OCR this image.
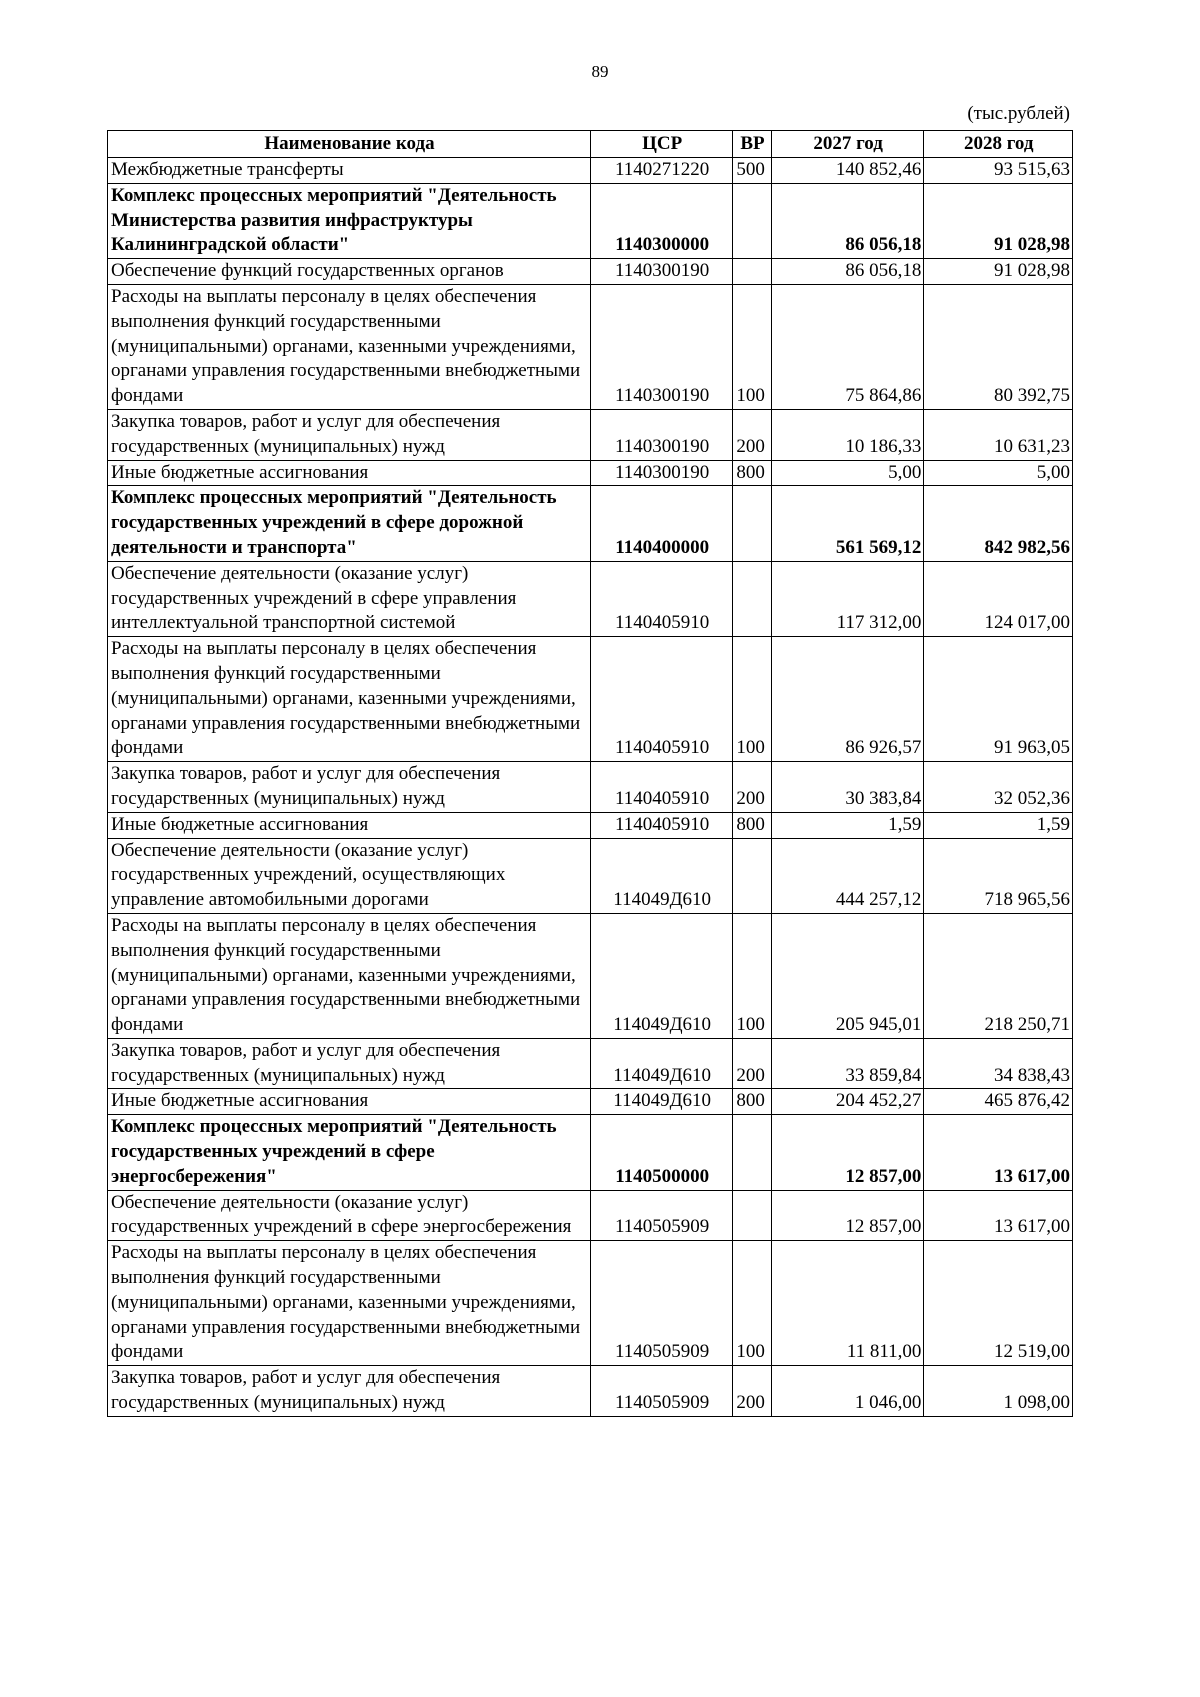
89
(тыс.рублей)
Наименование кода	ЦСР	ВР	2027 год	2028 год
Межбюджетные трансферты	1140271220	500	140 852,46	93 515,63
Комплекс процессных мероприятий "Деятельность Министерства развития инфраструктуры Калининградской области"	1140300000		86 056,18	91 028,98
Обеспечение функций государственных органов	1140300190		86 056,18	91 028,98
Расходы на выплаты персоналу в целях обеспечения выполнения функций государственными (муниципальными) органами, казенными учреждениями, органами управления государственными внебюджетными фондами	1140300190	100	75 864,86	80 392,75
Закупка товаров, работ и услуг для обеспечения государственных (муниципальных) нужд	1140300190	200	10 186,33	10 631,23
Иные бюджетные ассигнования	1140300190	800	5,00	5,00
Комплекс процессных мероприятий "Деятельность государственных учреждений в сфере дорожной деятельности и транспорта"	1140400000		561 569,12	842 982,56
Обеспечение деятельности (оказание услуг) государственных учреждений в сфере управления интеллектуальной транспортной системой	1140405910		117 312,00	124 017,00
Расходы на выплаты персоналу в целях обеспечения выполнения функций государственными (муниципальными) органами, казенными учреждениями, органами управления государственными внебюджетными фондами	1140405910	100	86 926,57	91 963,05
Закупка товаров, работ и услуг для обеспечения государственных (муниципальных) нужд	1140405910	200	30 383,84	32 052,36
Иные бюджетные ассигнования	1140405910	800	1,59	1,59
Обеспечение деятельности (оказание услуг) государственных учреждений, осуществляющих управление автомобильными дорогами	114049Д610		444 257,12	718 965,56
Расходы на выплаты персоналу в целях обеспечения выполнения функций государственными (муниципальными) органами, казенными учреждениями, органами управления государственными внебюджетными фондами	114049Д610	100	205 945,01	218 250,71
Закупка товаров, работ и услуг для обеспечения государственных (муниципальных) нужд	114049Д610	200	33 859,84	34 838,43
Иные бюджетные ассигнования	114049Д610	800	204 452,27	465 876,42
Комплекс процессных мероприятий "Деятельность государственных учреждений в сфере энергосбережения"	1140500000		12 857,00	13 617,00
Обеспечение деятельности (оказание услуг) государственных учреждений в сфере энергосбережения	1140505909		12 857,00	13 617,00
Расходы на выплаты персоналу в целях обеспечения выполнения функций государственными (муниципальными) органами, казенными учреждениями, органами управления государственными внебюджетными фондами	1140505909	100	11 811,00	12 519,00
Закупка товаров, работ и услуг для обеспечения государственных (муниципальных) нужд	1140505909	200	1 046,00	1 098,00
